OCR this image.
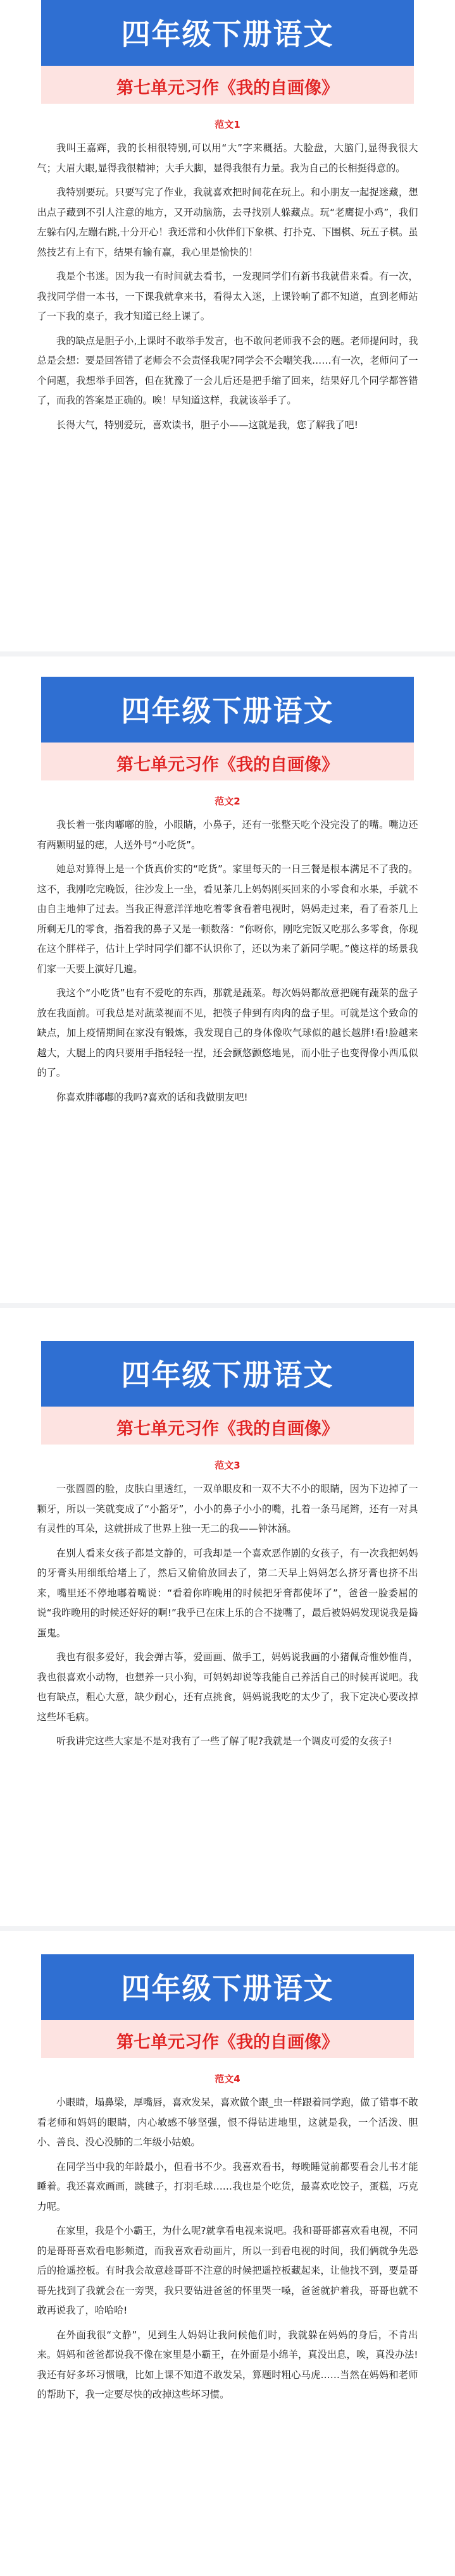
四年级下册语文
第七单元习作《我的自画像》
范文1

我叫王嘉辉，我的长相很特别,可以用“大”字来概括。大脸盘，大脑门,显得我很大气；大眉大眼,显得我很精神；大手大脚，显得我很有力量。我为自己的长相挺得意的。

我特别要玩。只要写完了作业，我就喜欢把时间花在玩上。和小朋友一起捉迷藏，想出点子藏到不引人注意的地方，又开动脑筋，去寻找别人躲藏点。玩“老鹰捉小鸡”，我们左躲右闪,左蹦右跳,十分开心！我还常和小伙伴们下象棋、打扑克、下围棋、玩五子棋。虽然技艺有上有下，结果有输有赢，我心里是愉快的！

我是个书迷。因为我一有时间就去看书，一发现同学们有新书我就借来看。有一次，我找同学借一本书，一下课我就拿来书，看得太入迷，上课铃响了都不知道，直到老师站了一下我的桌子，我才知道已经上课了。

我的缺点是胆子小,上课时不敢举手发言，也不敢问老师我不会的题。老师提问时，我总是会想：要是回答错了老师会不会责怪我呢?同学会不会嘲笑我……有一次，老师问了一个问题，我想举手回答，但在犹豫了一会儿后还是把手缩了回来，结果好几个同学都答错了，而我的答案是正确的。唉！早知道这样，我就该举手了。

长得大气，特别爱玩，喜欢读书，胆子小——这就是我，您了解我了吧!

四年级下册语文
第七单元习作《我的自画像》
范文2

我长着一张肉嘟嘟的脸，小眼睛，小鼻子，还有一张整天吃个没完没了的嘴。嘴边还有两颗明显的痣，人送外号“小吃货”。

她总对算得上是一个货真价实的“吃货”。家里每天的一日三餐是根本满足不了我的。这不，我刚吃完晚饭，往沙发上一坐，看见茶几上妈妈刚买回来的小零食和水果，手就不由自主地伸了过去。当我正得意洋洋地吃着零食看着电视时，妈妈走过来，看了看茶几上所剩无几的零食，指着我的鼻子又是一顿数落：“你呀你，刚吃完饭又吃那么多零食，你现在这个胖样子，估计上学时同学们都不认识你了，还以为来了新同学呢。”傻这样的场景我们家一天要上演好几遍。

我这个“小吃货”也有不爱吃的东西，那就是蔬菜。每次妈妈都故意把碗有蔬菜的盘子放在我面前。可我总是对蔬菜视而不见，把筷子伸到有肉肉的盘子里。可就是这个致命的缺点，加上疫情期间在家没有锻炼，我发现自己的身体像吹气球似的越长越胖!看!脸越来越大，大腿上的肉只要用手指轻轻一捏，还会颤悠颤悠地晃，而小肚子也变得像小西瓜似的了。

你喜欢胖嘟嘟的我吗?喜欢的话和我做朋友吧!

四年级下册语文
第七单元习作《我的自画像》
范文3

一张圆圆的脸，皮肤白里透红，一双单眼皮和一双不大不小的眼睛，因为下边掉了一颗牙，所以一笑就变成了“小豁牙”，小小的鼻子小小的嘴，扎着一条马尾辫，还有一对具有灵性的耳朵，这就拼成了世界上独一无二的我——钟沐涵。

在别人看来女孩子都是文静的，可我却是一个喜欢恶作剧的女孩子，有一次我把妈妈的牙膏头用细纸给堵上了，然后又偷偷放回去了，第二天早上妈妈怎么挤牙膏也挤不出来，嘴里还不停地嘟着嘴说：“看着你昨晚用的时候把牙膏都使坏了”，爸爸一脸委屈的说“我昨晚用的时候还好好的啊!”我乎已在床上乐的合不拢嘴了，最后被妈妈发现说我是捣蛋鬼。

我也有很多爱好，我会弹古筝，爱画画、做手工，妈妈说我画的小猪佩奇惟妙惟肖，我也很喜欢小动物，也想养一只小狗，可妈妈却说等我能自己养活自己的时候再说吧。我也有缺点，粗心大意，缺少耐心，还有点挑食，妈妈说我吃的太少了，我下定决心要改掉这些坏毛病。

听我讲完这些大家是不是对我有了一些了解了呢?我就是一个调皮可爱的女孩子!

四年级下册语文
第七单元习作《我的自画像》
范文4

小眼睛，塌鼻梁，厚嘴唇，喜欢发呆，喜欢做个跟_虫一样跟着同学跑，做了错事不敢看老师和妈妈的眼睛，内心敏感不够坚强，恨不得钻进地里，这就是我，一个活泼、胆小、善良、没心没肺的二年级小姑娘。

在同学当中我的年龄最小，但看书不少。我喜欢看书，每晚睡觉前都要看会儿书才能睡着。我还喜欢画画，跳毽子，打羽毛球……我也是个吃货，最喜欢吃饺子，蛋糕，巧克力呢。

在家里，我是个小霸王，为什么呢?就拿看电视来说吧。我和哥哥都喜欢看电视，不同的是哥哥喜欢看电影频道，而我喜欢看动画片，所以一到看电视的时间，我们俩就争先恐后的抢遥控板。有时我会故意趁哥哥不注意的时候把遥控板藏起来，让他找不到，要是哥哥先找到了我就会在一旁哭，我只要钻进爸爸的怀里哭一嗓，爸爸就护着我，哥哥也就不敢再说我了，哈哈哈!

在外面我很“文静”，见到生人妈妈让我问候他们时，我就躲在妈妈的身后，不肯出来。妈妈和爸爸都说我不像在家里是小霸王，在外面是小绵羊，真没出息，唉，真没办法!我还有好多坏习惯哦，比如上课不知道不敢发呆，算题时粗心马虎……当然在妈妈和老师的帮助下，我一定要尽快的改掉这些坏习惯。
